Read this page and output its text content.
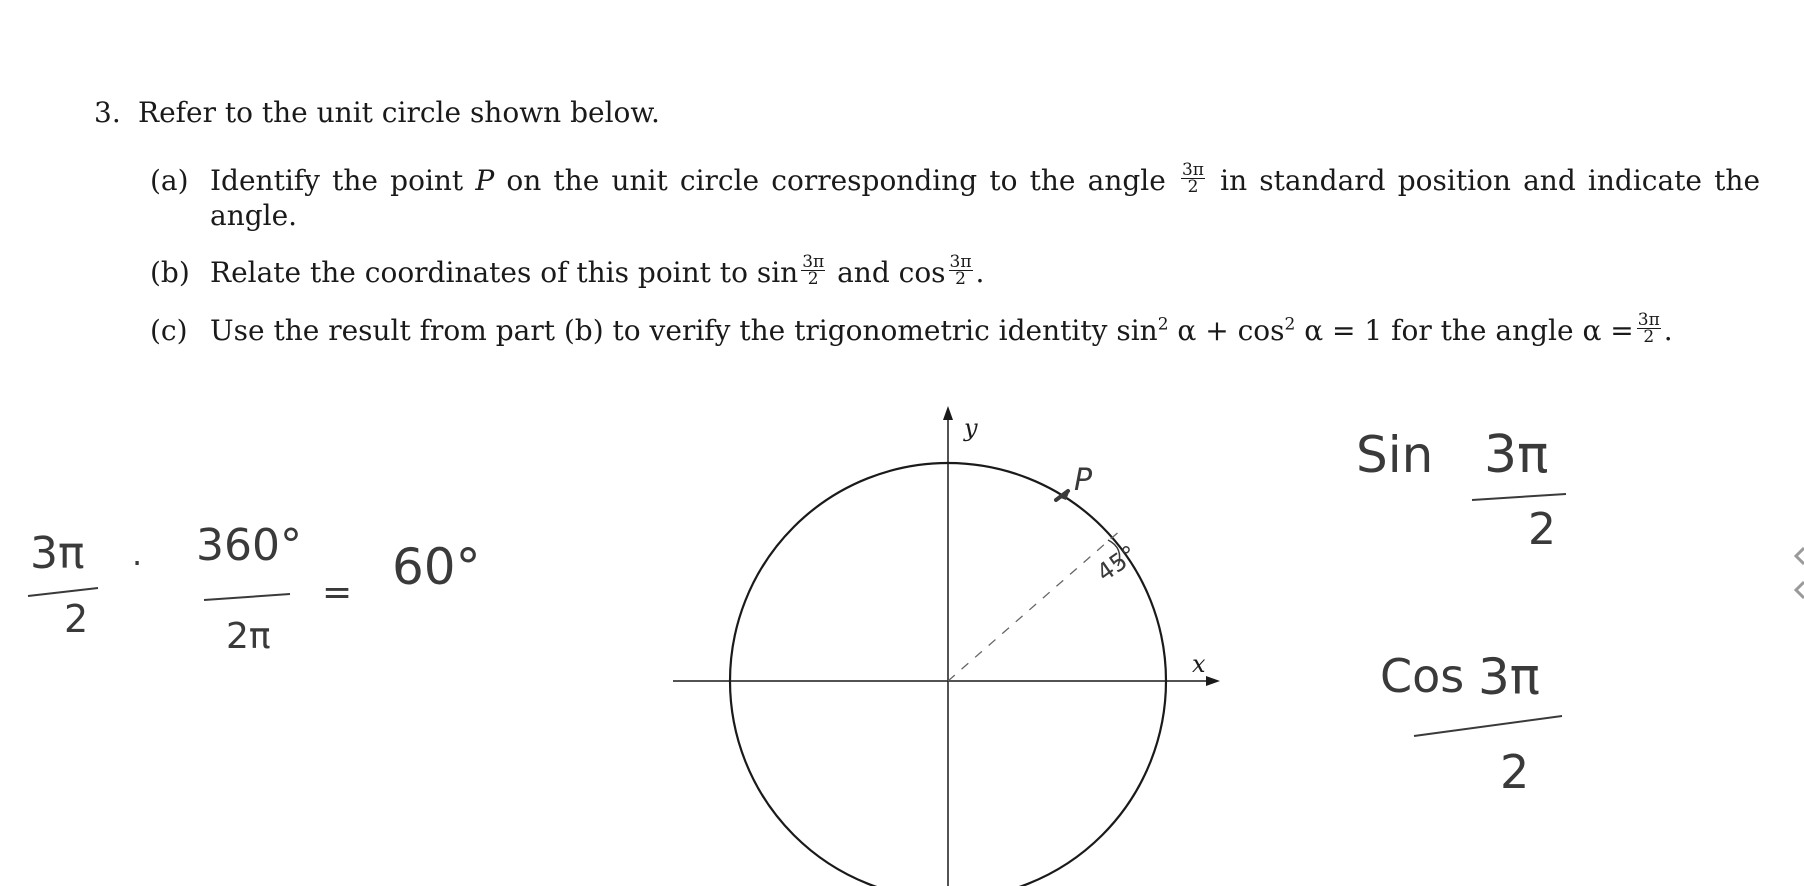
3. Refer to the unit circle shown below.
(a) Identify the point P on the unit circle corresponding to the angle $\frac{3\pi}{2}$ in standard position and indicate the angle.
(b) Relate the coordinates of this point to $\sin \frac{3\pi}{2}$ and $\cos \frac{3\pi}{2}$ .
(c) Use the result from part (b) to verify the trigonometric identity $\sin^2 \alpha + \cos^2 \alpha = 1$ for the angle $\alpha = \frac{3\pi}{2}$ .
x
y
P
45°
3π
2
· 360°
2π
= 60°
Sin 3π
2
Cos 3π
2
